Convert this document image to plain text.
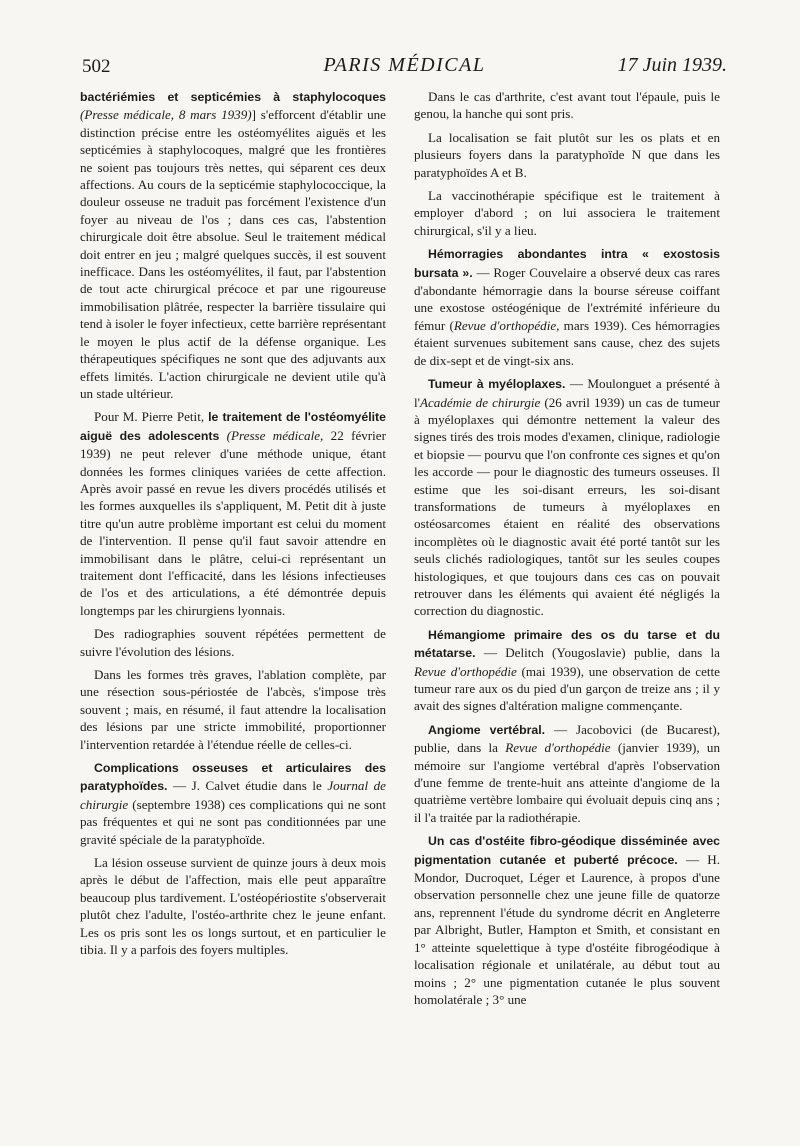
502	PARIS MÉDICAL	17 Juin 1939.

bactériémies et septicémies à staphylocoques (Presse médicale, 8 mars 1939)] s'efforcent d'établir une distinction précise entre les ostéomyélites aiguës et les septicémies à staphylocoques, malgré que les frontières ne soient pas toujours très nettes, qui séparent ces deux affections. Au cours de la septicémie staphylococcique, la douleur osseuse ne traduit pas forcément l'existence d'un foyer au niveau de l'os ; dans ces cas, l'abstention chirurgicale doit être absolue. Seul le traitement médical doit entrer en jeu ; malgré quelques succès, il est souvent inefficace. Dans les ostéomyélites, il faut, par l'abstention de tout acte chirurgical précoce et par une rigoureuse immobilisation plâtrée, respecter la barrière tissulaire qui tend à isoler le foyer infectieux, cette barrière représentant le moyen le plus actif de la défense organique. Les thérapeutiques spécifiques ne sont que des adjuvants aux effets limités. L'action chirurgicale ne devient utile qu'à un stade ultérieur.

Pour M. Pierre Petit, le traitement de l'ostéomyélite aiguë des adolescents (Presse médicale, 22 février 1939) ne peut relever d'une méthode unique, étant données les formes cliniques variées de cette affection. Après avoir passé en revue les divers procédés utilisés et les formes auxquelles ils s'appliquent, M. Petit dit à juste titre qu'un autre problème important est celui du moment de l'intervention. Il pense qu'il faut savoir attendre en immobilisant dans le plâtre, celui-ci représentant un traitement dont l'efficacité, dans les lésions infectieuses de l'os et des articulations, a été démontrée depuis longtemps par les chirurgiens lyonnais.

Des radiographies souvent répétées permettent de suivre l'évolution des lésions.

Dans les formes très graves, l'ablation complète, par une résection sous-périostée de l'abcès, s'impose très souvent ; mais, en résumé, il faut attendre la localisation des lésions par une stricte immobilité, proportionner l'intervention retardée à l'étendue réelle de celles-ci.

Complications osseuses et articulaires des paratyphoïdes. — J. Calvet étudie dans le Journal de chirurgie (septembre 1938) ces complications qui ne sont pas fréquentes et qui ne sont pas conditionnées par une gravité spéciale de la paratyphoïde.

La lésion osseuse survient de quinze jours à deux mois après le début de l'affection, mais elle peut apparaître beaucoup plus tardivement. L'ostéopériostite s'observerait plutôt chez l'adulte, l'ostéo-arthrite chez le jeune enfant. Les os pris sont les os longs surtout, et en particulier le tibia. Il y a parfois des foyers multiples.

Dans le cas d'arthrite, c'est avant tout l'épaule, puis le genou, la hanche qui sont pris.

La localisation se fait plutôt sur les os plats et en plusieurs foyers dans la paratyphoïde N que dans les paratyphoïdes A et B.

La vaccinothérapie spécifique est le traitement à employer d'abord ; on lui associera le traitement chirurgical, s'il y a lieu.

Hémorragies abondantes intra « exostosis bursata ». — Roger Couvelaire a observé deux cas rares d'abondante hémorragie dans la bourse séreuse coiffant une exostose ostéogénique de l'extrémité inférieure du fémur (Revue d'orthopédie, mars 1939). Ces hémorragies étaient survenues subitement sans cause, chez des sujets de dix-sept et de vingt-six ans.

Tumeur à myéloplaxes. — Moulonguet a présenté à l'Académie de chirurgie (26 avril 1939) un cas de tumeur à myéloplaxes qui démontre nettement la valeur des signes tirés des trois modes d'examen, clinique, radiologie et biopsie — pourvu que l'on confronte ces signes et qu'on les accorde — pour le diagnostic des tumeurs osseuses. Il estime que les soi-disant erreurs, les soi-disant transformations de tumeurs à myéloplaxes en ostéosarcomes étaient en réalité des observations incomplètes où le diagnostic avait été porté tantôt sur les seuls clichés radiologiques, tantôt sur les seules coupes histologiques, et que toujours dans ces cas on pouvait retrouver dans les éléments qui avaient été négligés la correction du diagnostic.

Hémangiome primaire des os du tarse et du métatarse. — Delitch (Yougoslavie) publie, dans la Revue d'orthopédie (mai 1939), une observation de cette tumeur rare aux os du pied d'un garçon de treize ans ; il y avait des signes d'altération maligne commençante.

Angiome vertébral. — Jacobovici (de Bucarest), publie, dans la Revue d'orthopédie (janvier 1939), un mémoire sur l'angiome vertébral d'après l'observation d'une femme de trente-huit ans atteinte d'angiome de la quatrième vertèbre lombaire qui évoluait depuis cinq ans ; il l'a traitée par la radiothérapie.

Un cas d'ostéite fibro-géodique disséminée avec pigmentation cutanée et puberté précoce. — H. Mondor, Ducroquet, Léger et Laurence, à propos d'une observation personnelle chez une jeune fille de quatorze ans, reprennent l'étude du syndrome décrit en Angleterre par Albright, Butler, Hampton et Smith, et consistant en 1° atteinte squelettique à type d'ostéite fibrogéodique à localisation régionale et unilatérale, au début tout au moins ; 2° une pigmentation cutanée le plus souvent homolatérale ; 3° une
